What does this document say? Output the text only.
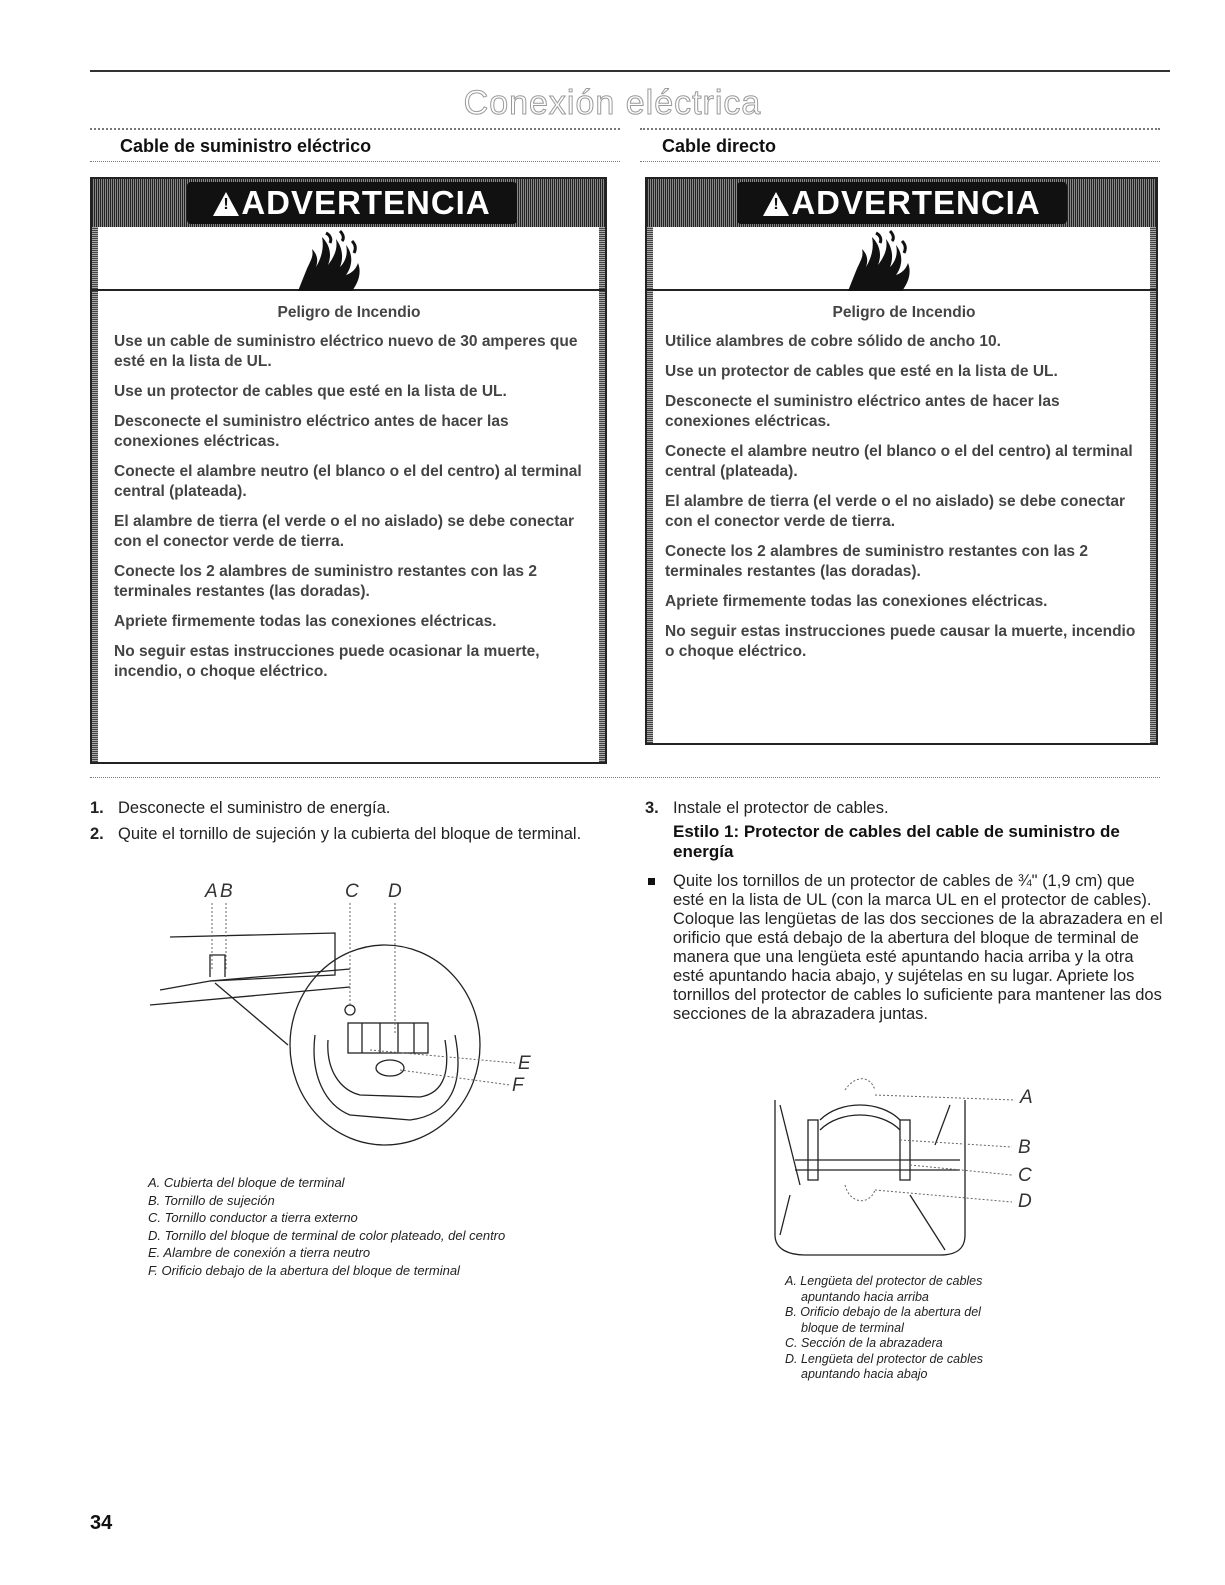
Conexión eléctrica
Cable de suministro eléctrico	Cable directo
!ADVERTENCIA
Peligro de Incendio

Use un cable de suministro eléctrico nuevo de 30 amperes que esté en la lista de UL.

Use un protector de cables que esté en la lista de UL.

Desconecte el suministro eléctrico antes de hacer las conexiones eléctricas.

Conecte el alambre neutro (el blanco o el del centro) al terminal central (plateada).

El alambre de tierra (el verde o el no aislado) se debe conectar con el conector verde de tierra.

Conecte los 2 alambres de suministro restantes con las 2 terminales restantes (las doradas).

Apriete firmemente todas las conexiones eléctricas.

No seguir estas instrucciones puede ocasionar la muerte, incendio, o choque eléctrico.

!ADVERTENCIA
Peligro de Incendio

Utilice alambres de cobre sólido de ancho 10.

Use un protector de cables que esté en la lista de UL.

Desconecte el suministro eléctrico antes de hacer las conexiones eléctricas.

Conecte el alambre neutro (el blanco o el del centro) al terminal central (plateada).

El alambre de tierra (el verde o el no aislado) se debe conectar con el conector verde de tierra.

Conecte los 2 alambres de suministro restantes con las 2 terminales restantes (las doradas).

Apriete firmemente todas las conexiones eléctricas.

No seguir estas instrucciones puede causar la muerte, incendio o choque eléctrico.

1. Desconecte el suministro de energía.
2. Quite el tornillo de sujeción y la cubierta del bloque de terminal.
A B	C D
E
F
A. Cubierta del bloque de terminal
B. Tornillo de sujeción
C. Tornillo conductor a tierra externo
D. Tornillo del bloque de terminal de color plateado, del centro
E. Alambre de conexión a tierra neutro
F. Orificio debajo de la abertura del bloque de terminal
3. Instale el protector de cables.
Estilo 1: Protector de cables del cable de suministro de energía
Quite los tornillos de un protector de cables de ¾" (1,9 cm) que esté en la lista de UL (con la marca UL en el protector de cables). Coloque las lengüetas de las dos secciones de la abrazadera en el orificio que está debajo de la abertura del bloque de terminal de manera que una lengüeta esté apuntando hacia arriba y la otra esté apuntando hacia abajo, y sujételas en su lugar. Apriete los tornillos del protector de cables lo suficiente para mantener las dos secciones de la abrazadera juntas.
A
B
C
D
A. Lengüeta del protector de cables
apuntando hacia arriba
B. Orificio debajo de la abertura del
bloque de terminal
C. Sección de la abrazadera
D. Lengüeta del protector de cables
apuntando hacia abajo
34
